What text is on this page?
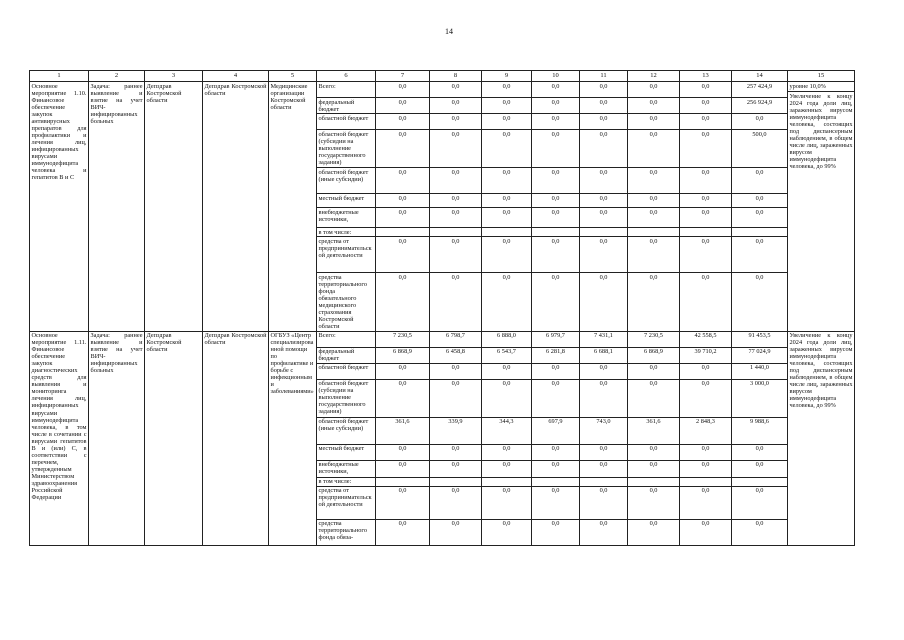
14
1	2	3	4	5	6	7	8	9	10	11	12	13	14	15
Основное мероприятие 1.10. Финансовое обеспечение закупок антивирусных препаратов для профилактики и лечения лиц, инфицированных вирусами иммунодефицита человека и гепатитов В и С	Задача: раннее выявление и взятие на учет ВИЧ-инфицированных больных	Депздрав Костромской области	Депздрав Костромской области	Медицинские организации Костромской области	Всего:	0,0	0,0	0,0	0,0	0,0	0,0	0,0	257 424,9	уровне 10,0%
Увеличение к концу 2024 года доли лиц, зараженных вирусом иммунодефицита человека, состоящих под диспансерным наблюдением, в общем числе лиц, зараженных вирусом иммунодефицита человека, до 99%

					федеральный бюджет	0,0	0,0	0,0	0,0	0,0	0,0	0,0	256 924,9	
					областной бюджет	0,0	0,0	0,0	0,0	0,0	0,0	0,0	0,0	
					областной бюджет (субсидии на выполнение государственного задания)	0,0	0,0	0,0	0,0	0,0	0,0	0,0	500,0	
					областной бюджет (иные субсидии)	0,0	0,0	0,0	0,0	0,0	0,0	0,0	0,0	
					местный бюджет	0,0	0,0	0,0	0,0	0,0	0,0	0,0	0,0	
					внебюджетные источники,	0,0	0,0	0,0	0,0	0,0	0,0	0,0	0,0	
					в том числе:									
					средства от предпринимательской деятельности	0,0	0,0	0,0	0,0	0,0	0,0	0,0	0,0	
					средства территориального фонда обязательного медицинского страхования Костромской области	0,0	0,0	0,0	0,0	0,0	0,0	0,0	0,0	
Основное мероприятие 1.11. Финансовое обеспечение закупок диагностических средств для выявления и мониторинга лечения лиц, инфицированных вирусами иммунодефицита человека, в том числе в сочетании с вирусами гепатитов В и (или) С, в соответствии с перечнем, утвержденным Министерством здравоохранения Российской Федерации	Задача: раннее выявление и взятие на учет ВИЧ-инфицированных больных	Депздрав Костромской области	Депздрав Костромской области	ОГБУЗ «Центр специализированной помощи по профилактике и борьбе с инфекционными заболеваниями»	Всего:	7 230,5	6 798,7	6 888,0	6 979,7	7 431,1	7 230,5	42 558,5	91 453,5	Увеличение к концу 2024 года доли лиц, зараженных вирусом иммунодефицита человека, состоящих под диспансерным наблюдением, в общем числе лиц, зараженных вирусом иммунодефицита человека, до 99%

					федеральный бюджет	6 868,9	6 458,8	6 543,7	6 281,8	6 688,1	6 868,9	39 710,2	77 024,9	
					областной бюджет	0,0	0,0	0,0	0,0	0,0	0,0	0,0	1 440,0	
					областной бюджет (субсидии на выполнение государственного задания)	0,0	0,0	0,0	0,0	0,0	0,0	0,0	3 000,0	
					областной бюджет (иные субсидии)	361,6	339,9	344,3	697,9	743,0	361,6	2 848,3	9 988,6	
					местный бюджет	0,0	0,0	0,0	0,0	0,0	0,0	0,0	0,0	
					внебюджетные источники,	0,0	0,0	0,0	0,0	0,0	0,0	0,0	0,0	
					в том числе:									
					средства от предпринимательской деятельности	0,0	0,0	0,0	0,0	0,0	0,0	0,0	0,0	
					средства территориального фонда обяза-	0,0	0,0	0,0	0,0	0,0	0,0	0,0	0,0	
